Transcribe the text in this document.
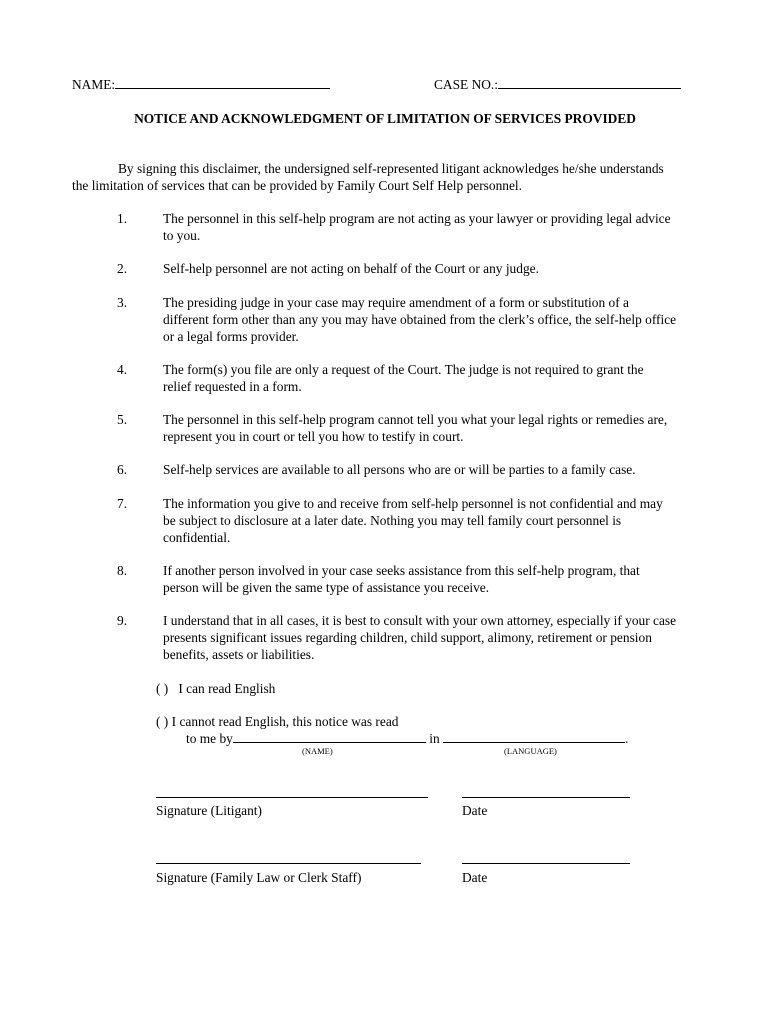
NAME:	CASE NO.:
NOTICE AND ACKNOWLEDGMENT OF LIMITATION OF SERVICES PROVIDED
By signing this disclaimer, the undersigned self-represented litigant acknowledges he/she understands
the limitation of services that can be provided by Family Court Self Help personnel.
1.	The personnel in this self-help program are not acting as your lawyer or providing legal advice
to you.
2.	Self-help personnel are not acting on behalf of the Court or any judge.
3.	The presiding judge in your case may require amendment of a form or substitution of a
different form other than any you may have obtained from the clerk’s office, the self-help office
or a legal forms provider.
4.	The form(s) you file are only a request of the Court. The judge is not required to grant the
relief requested in a form.
5.	The personnel in this self-help program cannot tell you what your legal rights or remedies are,
represent you in court or tell you how to testify in court.
6.	Self-help services are available to all persons who are or will be parties to a family case.
7.	The information you give to and receive from self-help personnel is not confidential and may
be subject to disclosure at a later date. Nothing you may tell family court personnel is
confidential.
8.	If another person involved in your case seeks assistance from this self-help program, that
person will be given the same type of assistance you receive.
9.	I understand that in all cases, it is best to consult with your own attorney, especially if your case
presents significant issues regarding children, child support, alimony, retirement or pension
benefits, assets or liabilities.
( ) I can read English
( ) I cannot read English, this notice was read
to me by	in	.
(NAME)	(LANGUAGE)
Signature (Litigant)	Date
Signature (Family Law or Clerk Staff)	Date
